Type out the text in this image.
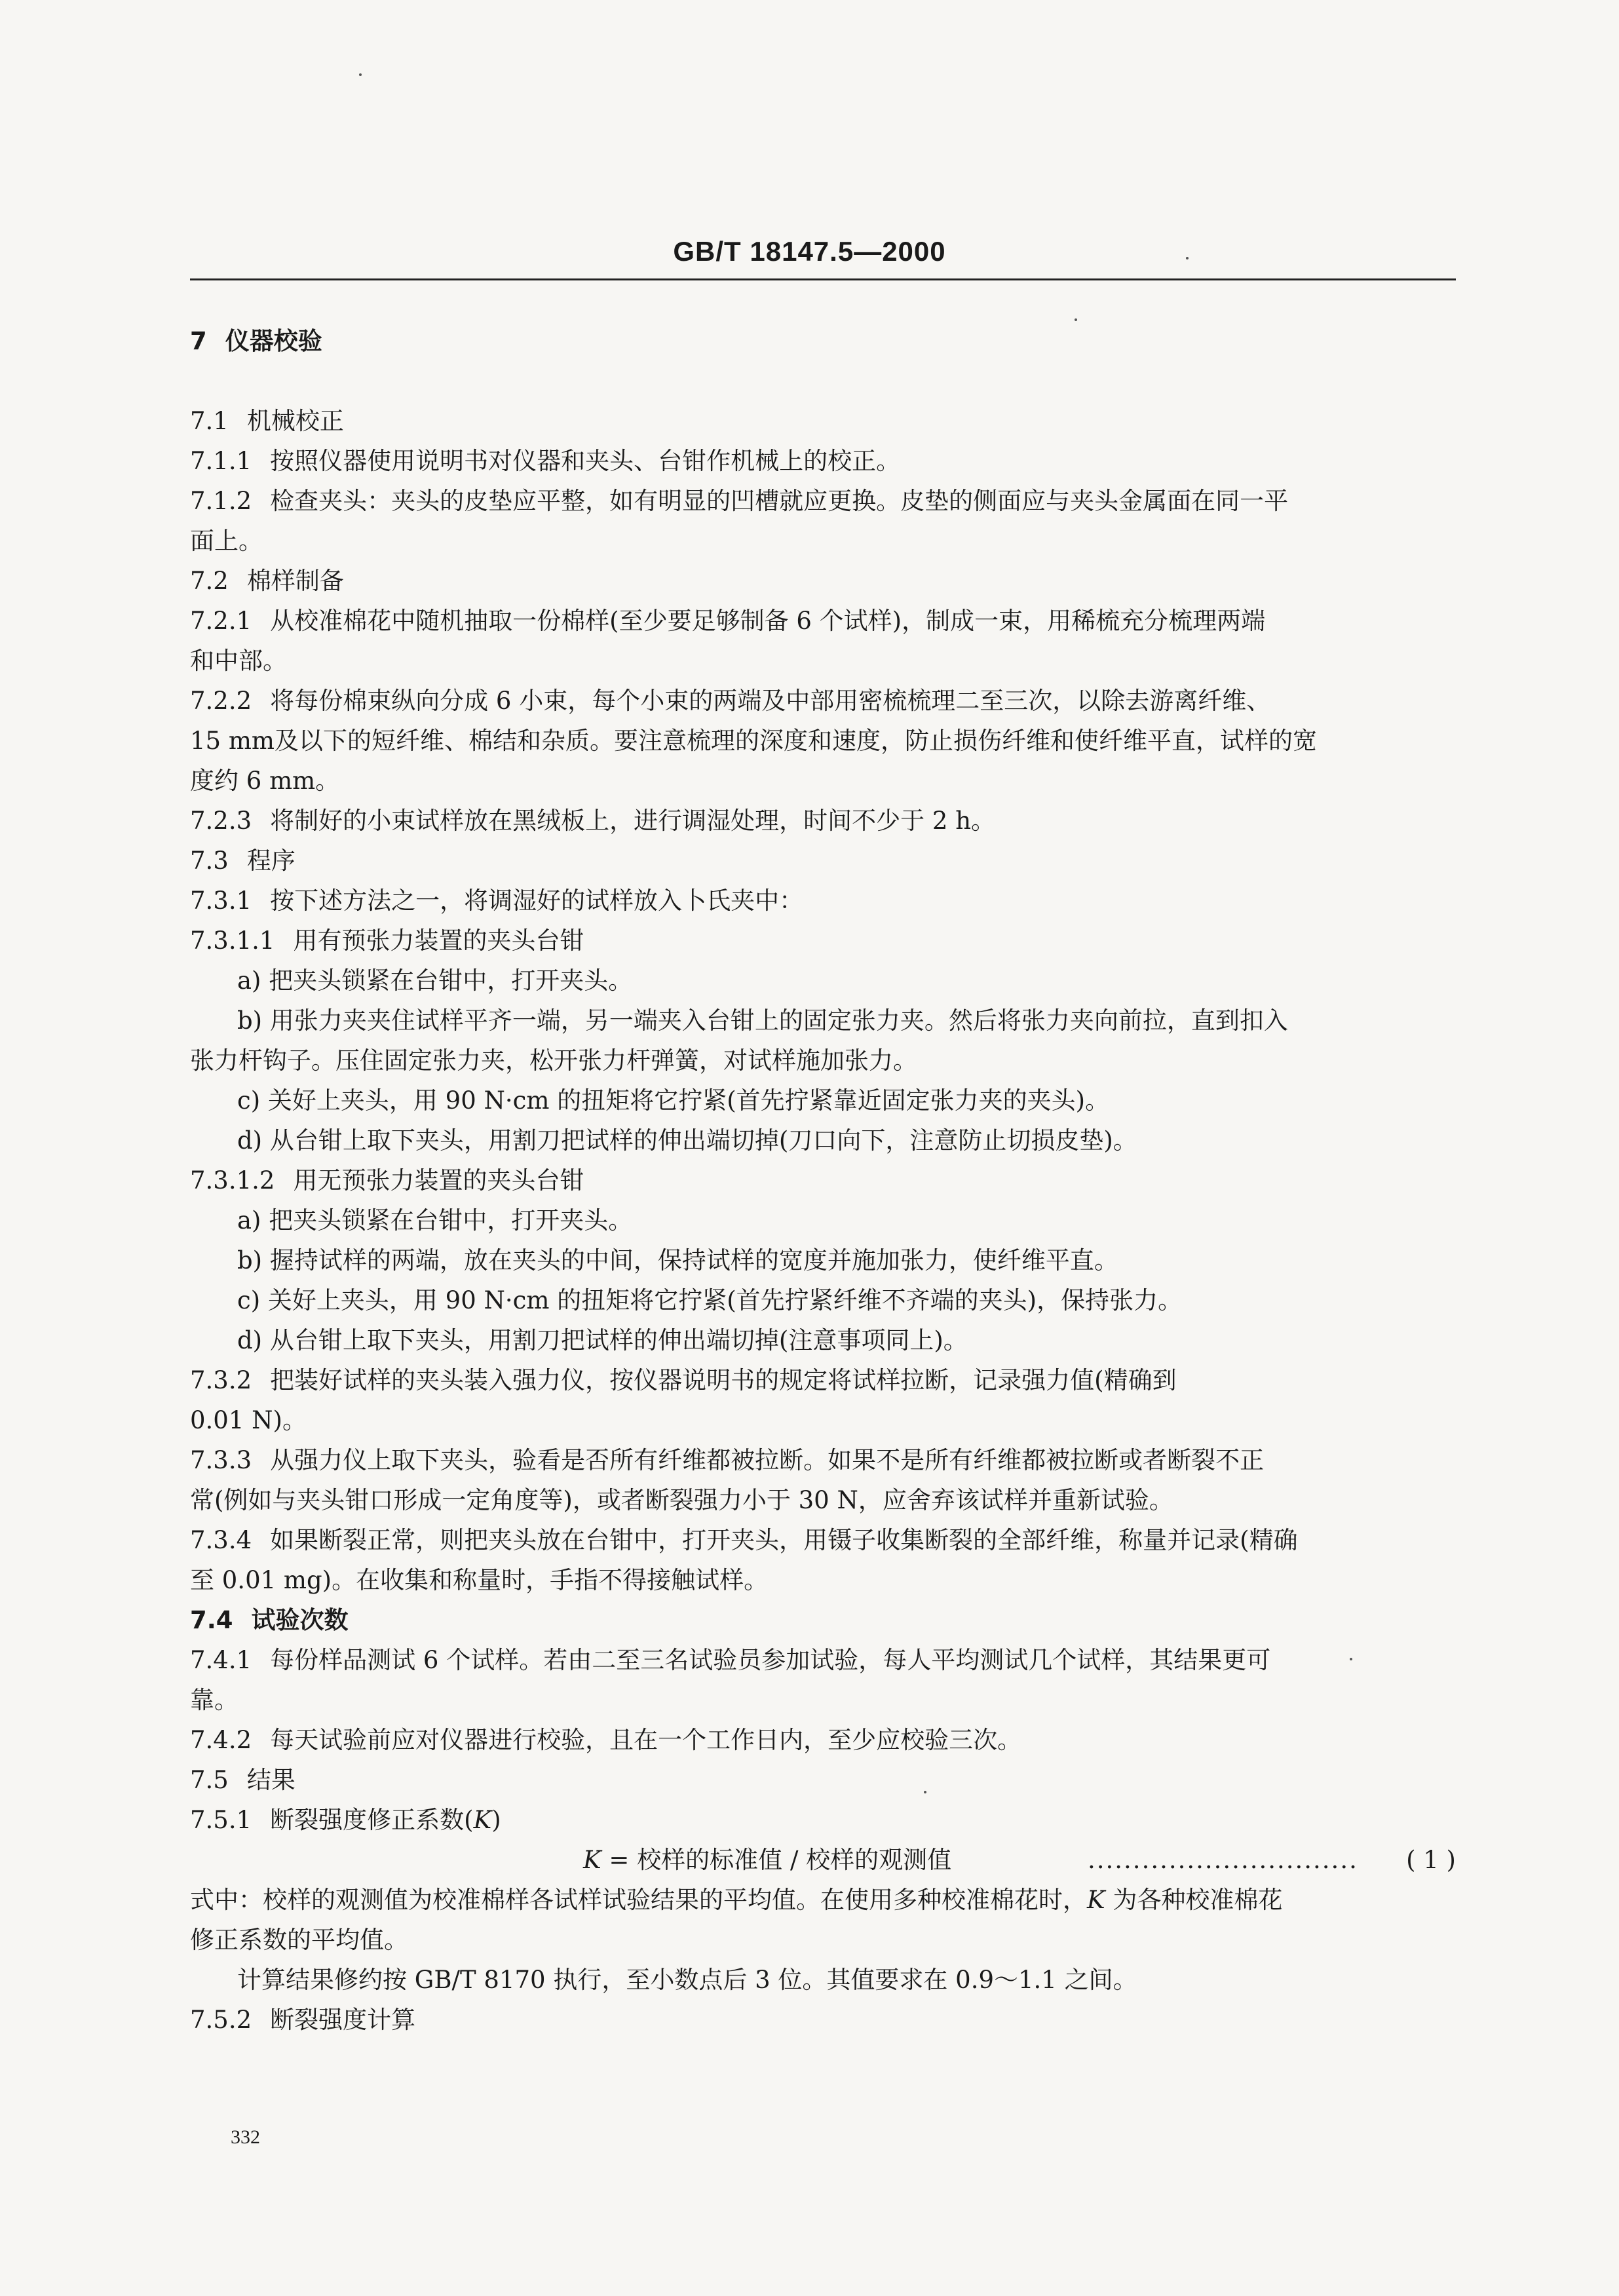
GB/T 18147.5—2000
7 仪器校验
7.1 机械校正
7.1.1 按照仪器使用说明书对仪器和夹头、台钳作机械上的校正。
7.1.2 检查夹头：夹头的皮垫应平整，如有明显的凹槽就应更换。皮垫的侧面应与夹头金属面在同一平
面上。
7.2 棉样制备
7.2.1 从校准棉花中随机抽取一份棉样(至少要足够制备 6 个试样)，制成一束，用稀梳充分梳理两端
和中部。
7.2.2 将每份棉束纵向分成 6 小束，每个小束的两端及中部用密梳梳理二至三次，以除去游离纤维、
15 mm及以下的短纤维、棉结和杂质。要注意梳理的深度和速度，防止损伤纤维和使纤维平直，试样的宽
度约 6 mm。
7.2.3 将制好的小束试样放在黑绒板上，进行调湿处理，时间不少于 2 h。
7.3 程序
7.3.1 按下述方法之一，将调湿好的试样放入卜氏夹中：
7.3.1.1 用有预张力装置的夹头台钳
a) 把夹头锁紧在台钳中，打开夹头。
b) 用张力夹夹住试样平齐一端，另一端夹入台钳上的固定张力夹。然后将张力夹向前拉，直到扣入
张力杆钩子。压住固定张力夹，松开张力杆弹簧，对试样施加张力。
c) 关好上夹头，用 90 N·cm 的扭矩将它拧紧(首先拧紧靠近固定张力夹的夹头)。
d) 从台钳上取下夹头，用割刀把试样的伸出端切掉(刀口向下，注意防止切损皮垫)。
7.3.1.2 用无预张力装置的夹头台钳
a) 把夹头锁紧在台钳中，打开夹头。
b) 握持试样的两端，放在夹头的中间，保持试样的宽度并施加张力，使纤维平直。
c) 关好上夹头，用 90 N·cm 的扭矩将它拧紧(首先拧紧纤维不齐端的夹头)，保持张力。
d) 从台钳上取下夹头，用割刀把试样的伸出端切掉(注意事项同上)。
7.3.2 把装好试样的夹头装入强力仪，按仪器说明书的规定将试样拉断，记录强力值(精确到
0.01 N)。
7.3.3 从强力仪上取下夹头，验看是否所有纤维都被拉断。如果不是所有纤维都被拉断或者断裂不正
常(例如与夹头钳口形成一定角度等)，或者断裂强力小于 30 N，应舍弃该试样并重新试验。
7.3.4 如果断裂正常，则把夹头放在台钳中，打开夹头，用镊子收集断裂的全部纤维，称量并记录(精确
至 0.01 mg)。在收集和称量时，手指不得接触试样。
7.4 试验次数
7.4.1 每份样品测试 6 个试样。若由二至三名试验员参加试验，每人平均测试几个试样，其结果更可
靠。
7.4.2 每天试验前应对仪器进行校验，且在一个工作日内，至少应校验三次。
7.5 结果
7.5.1 断裂强度修正系数(K)
K = 校样的标准值 / 校样的观测值	.............................. ( 1 )
式中：校样的观测值为校准棉样各试样试验结果的平均值。在使用多种校准棉花时，K 为各种校准棉花
修正系数的平均值。
计算结果修约按 GB/T 8170 执行，至小数点后 3 位。其值要求在 0.9～1.1 之间。
7.5.2 断裂强度计算
332
